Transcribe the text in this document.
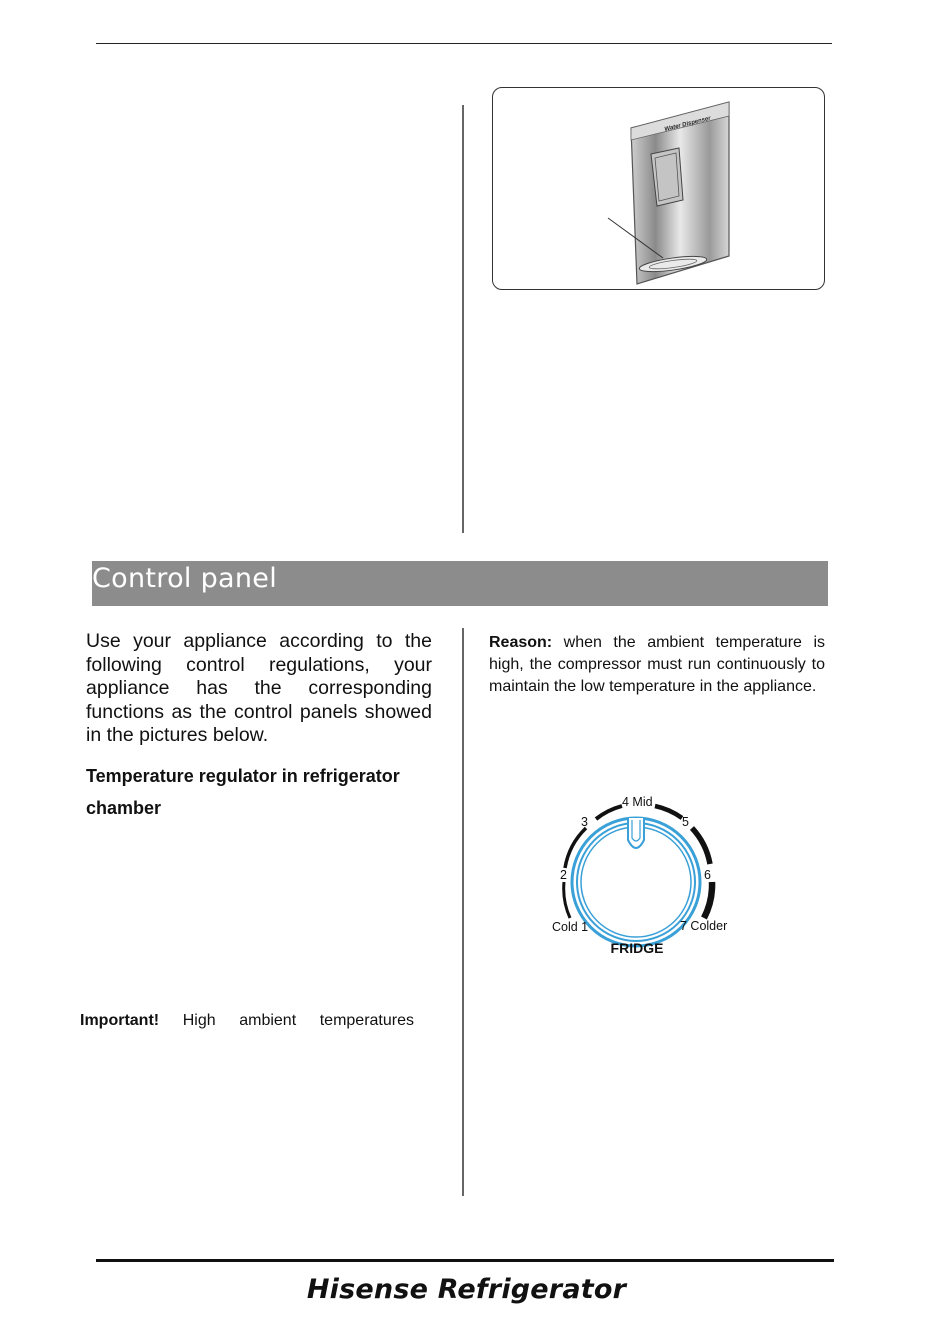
Water Dispenser
Control panel
Use your appliance according to the following control regulations, your appliance has the corresponding functions as the control panels showed in the pictures below.
Temperature regulator in refrigerator chamber
Important! High ambient temperatures
Reason: when the ambient temperature is high, the compressor must run continuously to maintain the low temperature in the appliance.
Cold 1
2
3
4 Mid
5
6
7 Colder
FRIDGE
Hisense Refrigerator
